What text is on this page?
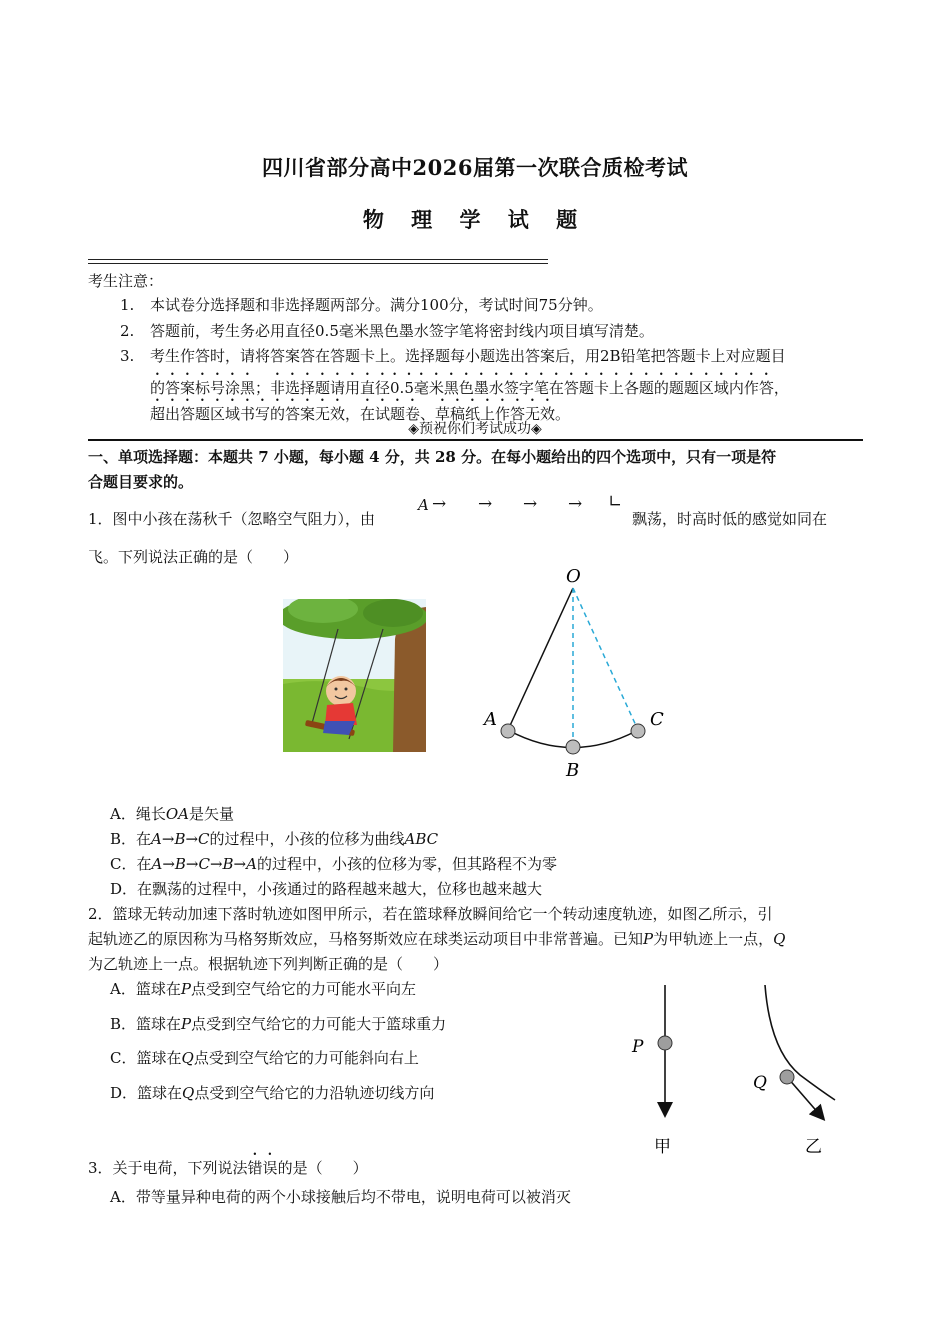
四川省部分高中2026届第一次联合质检考试
物 理 学 试 题
考生注意：
1. 本试卷分选择题和非选择题两部分。满分100分，考试时间75分钟。
2. 答题前，考生务必用直径0.5毫米黑色墨水签字笔将密封线内项目填写清楚。
3. 考生作答时，请将答案答在答题卡上。选择题每小题选出答案后，用2B铅笔把答题卡上对应题目
的答案标号涂黑；非选择题请用直径0.5毫米黑色墨水签字笔在答题卡上各题的题题区域内作答，
超出答题区域书写的答案无效，在试题卷、草稿纸上作答无效。
◈预祝你们考试成功◈
一、单项选择题：本题共 7 小题，每小题 4 分，共 28 分。在每小题给出的四个选项中，只有一项是符
合题目要求的。
1．图中小孩在荡秋千（忽略空气阻力），由
A → → → → ∟
飘荡，时高时低的感觉如同在
飞。下列说法正确的是（　　）
O
A
B
C
A．绳长OA是矢量
B．在A→B→C的过程中，小孩的位移为曲线ABC
C．在A→B→C→B→A的过程中，小孩的位移为零，但其路程不为零
D．在飘荡的过程中，小孩通过的路程越来越大，位移也越来越大
2．篮球无转动加速下落时轨迹如图甲所示，若在篮球释放瞬间给它一个转动速度轨迹，如图乙所示，引
起轨迹乙的原因称为马格努斯效应，马格努斯效应在球类运动项目中非常普遍。已知P为甲轨迹上一点，Q
为乙轨迹上一点。根据轨迹下列判断正确的是（　　）
A．篮球在P点受到空气给它的力可能水平向左
B．篮球在P点受到空气给它的力可能大于篮球重力
C．篮球在Q点受到空气给它的力可能斜向右上
D．篮球在Q点受到空气给它的力沿轨迹切线方向
P
甲
Q
乙
3．关于电荷，下列说法错误的是（　　）
A．带等量异种电荷的两个小球接触后均不带电，说明电荷可以被消灭
